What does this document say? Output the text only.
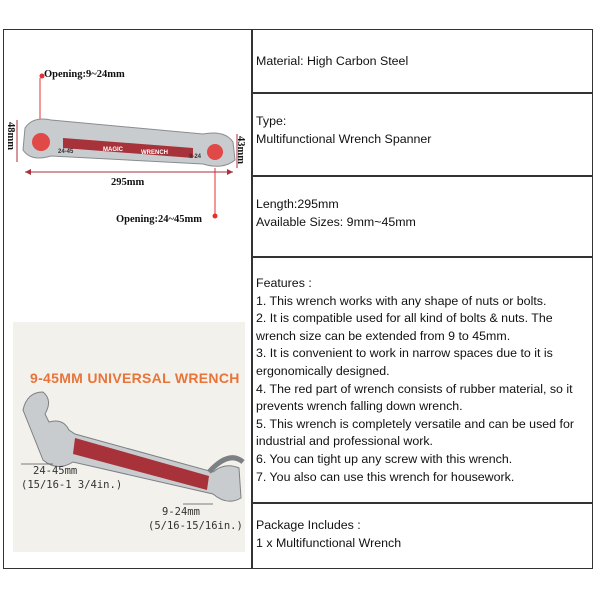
24-45	MAGIC	WRENCH
9-24
Opening:9~24mm
Opening:24~45mm
48mm	43mm
295mm
9-45MM UNIVERSAL WRENCH
24-45mm
(15/16-1 3/4in.)
9-24mm
(5/16-15/16in.)

Material: High Carbon Steel

Type:

Multifunctional Wrench Spanner

Length:295mm

Available Sizes: 9mm~45mm

Features :

1. This wrench works with any shape of nuts or bolts.

2. It is compatible used for all kind of bolts & nuts. The

wrench size can be extended from 9 to 45mm.

3. It is convenient to work in narrow spaces due to it is

ergonomically designed.

4. The red part of wrench consists of rubber material, so it

prevents wrench falling down wrench.

5. This wrench is completely versatile and can be used for

industrial and professional work.

6. You can tight up any screw with this wrench.

7. You also can use this wrench for housework.

Package Includes :

1 x Multifunctional Wrench
